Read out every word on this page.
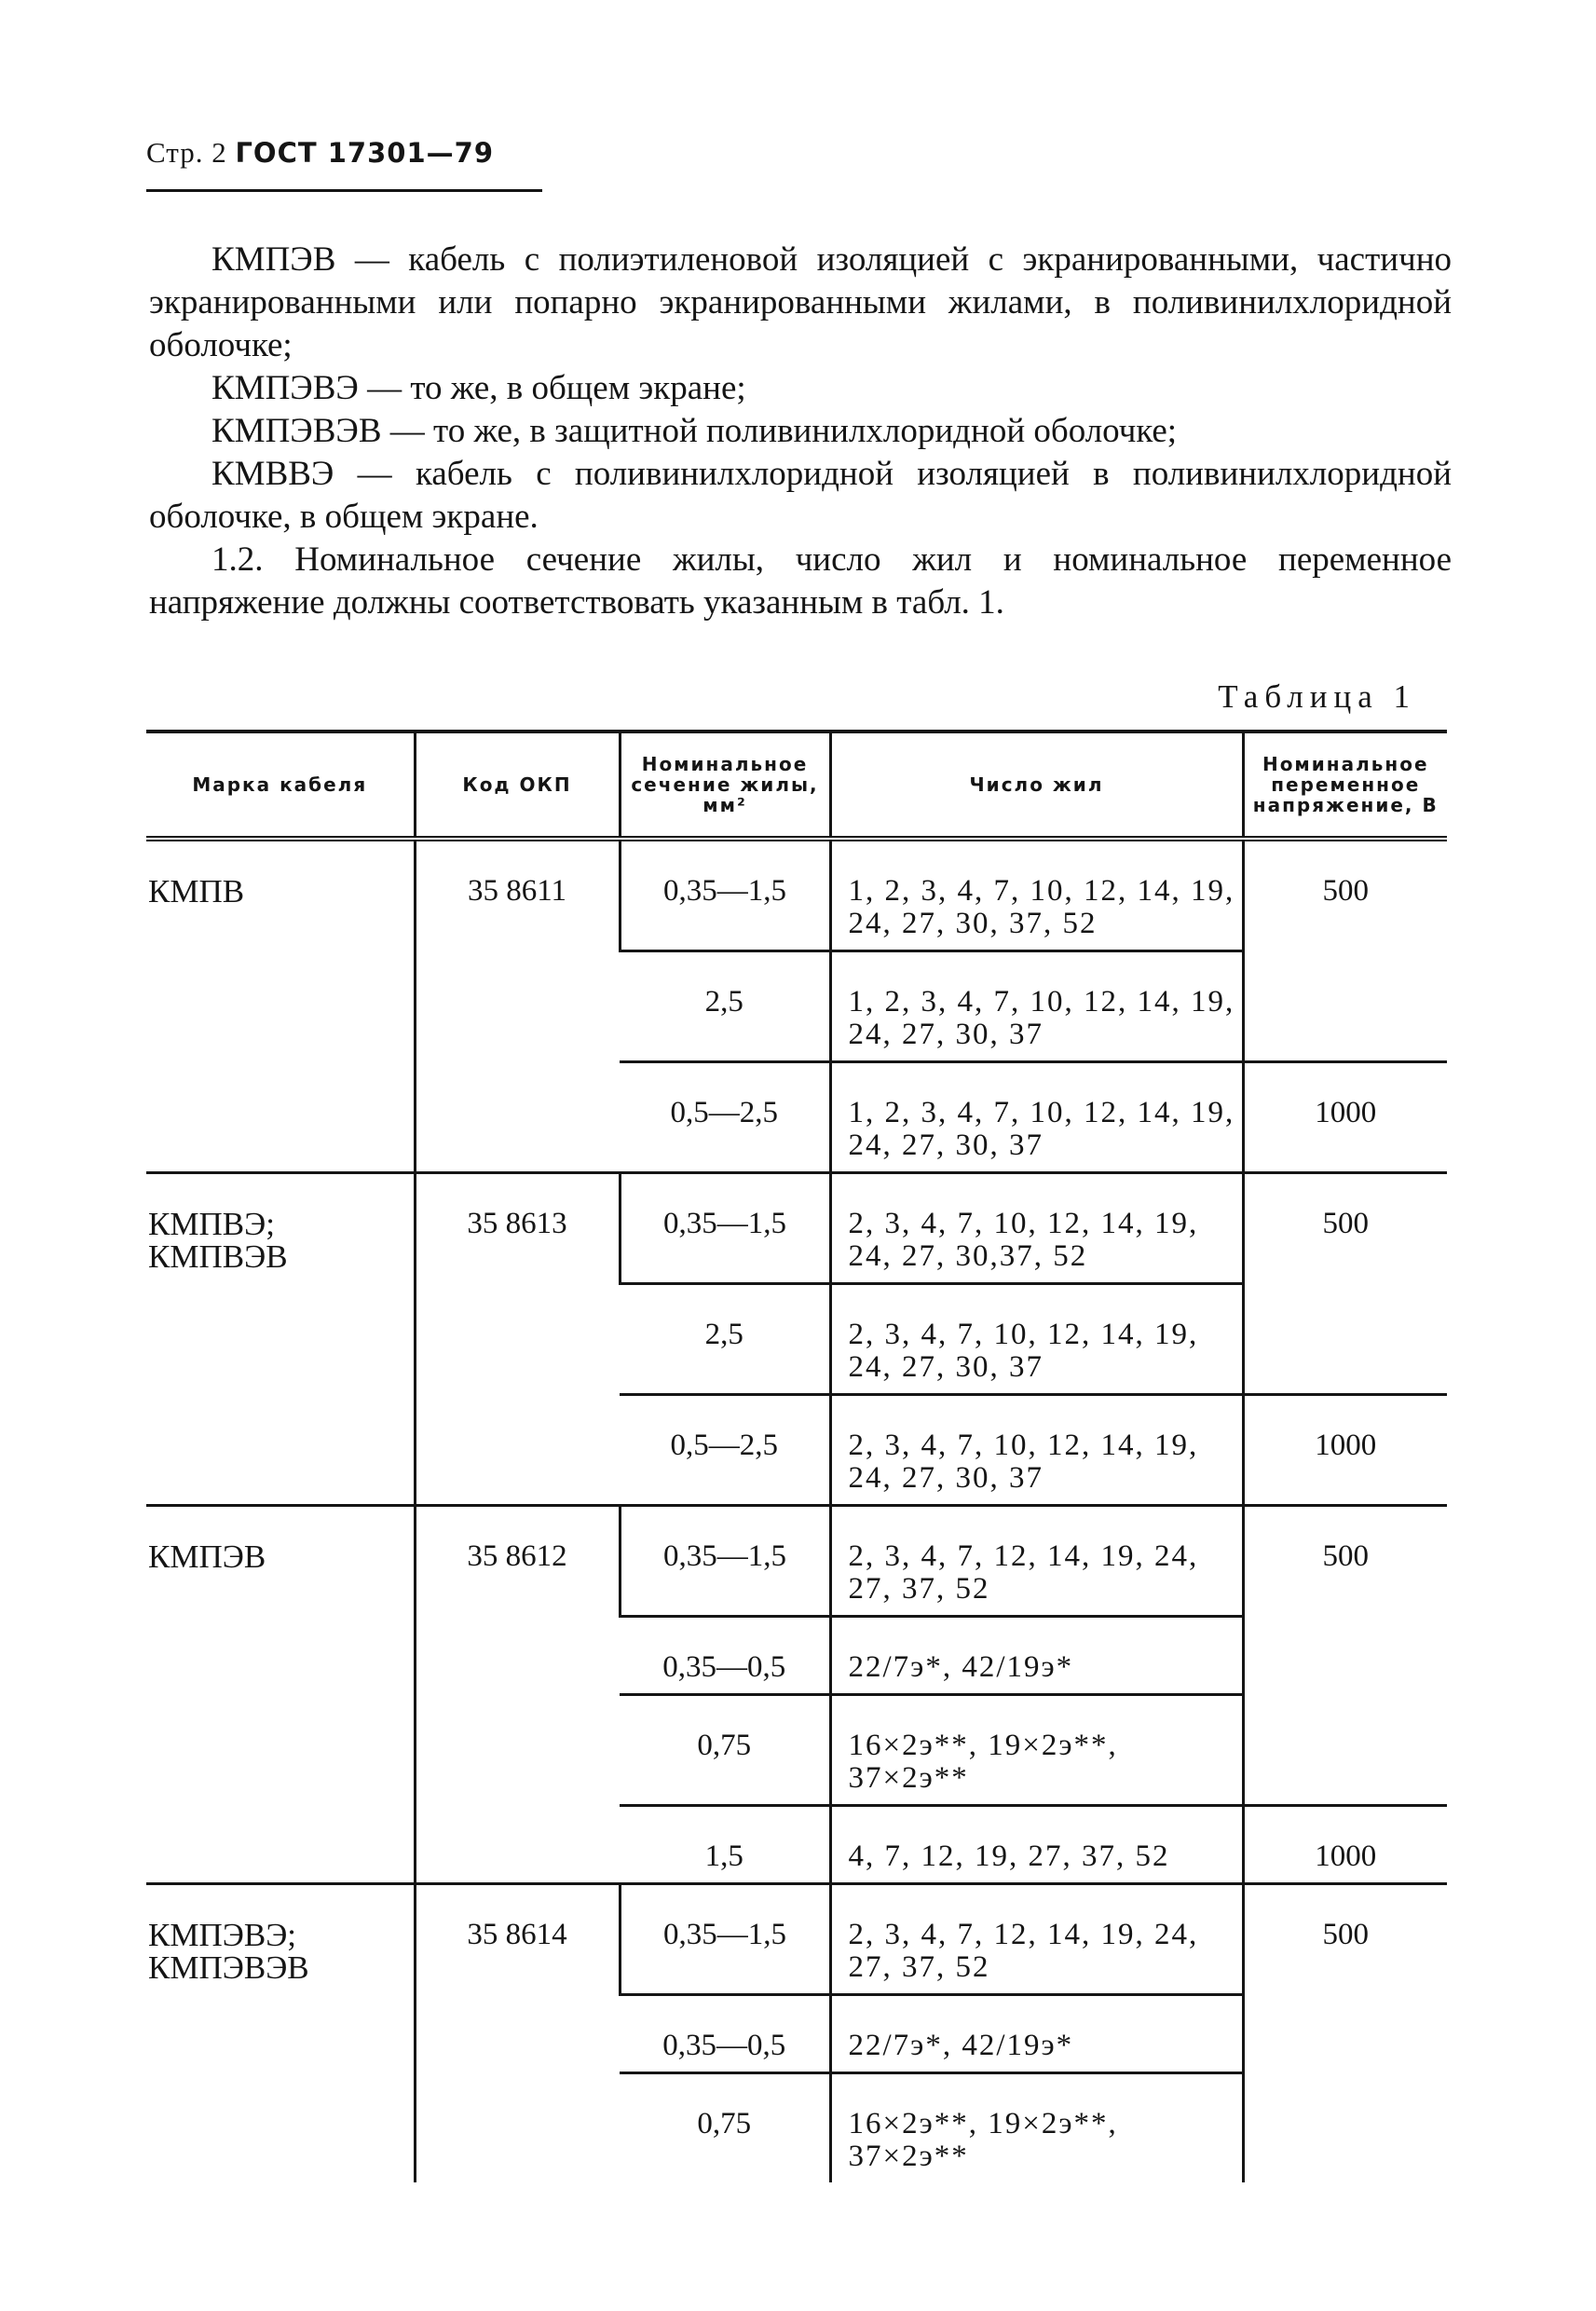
Стр. 2 ГОСТ 17301—79
КМПЭВ — кабель с полиэтиленовой изоляцией с экранированными, частично экранированными или попарно экранированными жилами, в поливинилхлоридной оболочке;
КМПЭВЭ — то же, в общем экране;
КМПЭВЭВ — то же, в защитной поливинилхлоридной оболочке;
КМВВЭ — кабель с поливинилхлоридной изоляцией в поливинилхлоридной оболочке, в общем экране.
1.2. Номинальное сечение жилы, число жил и номинальное переменное напряжение должны соответствовать указанным в табл. 1.
Таблица 1
Марка кабеля	Код ОКП	Номинальное сечение жилы, мм²	Число жил	Номинальное переменное напряжение, В
КМПВ	35 8611	0,35—1,5	1, 2, 3, 4, 7, 10, 12, 14, 19, 24, 27, 30, 37, 52	500
		2,5	1, 2, 3, 4, 7, 10, 12, 14, 19, 24, 27, 30, 37	
		0,5—2,5	1, 2, 3, 4, 7, 10, 12, 14, 19, 24, 27, 30, 37	1000
КМПВЭ; КМПВЭВ	35 8613	0,35—1,5	2, 3, 4, 7, 10, 12, 14, 19, 24, 27, 30,37, 52	500
		2,5	2, 3, 4, 7, 10, 12, 14, 19, 24, 27, 30, 37	
		0,5—2,5	2, 3, 4, 7, 10, 12, 14, 19, 24, 27, 30, 37	1000
КМПЭВ	35 8612	0,35—1,5	2, 3, 4, 7, 12, 14, 19, 24, 27, 37, 52	500
		0,35—0,5	22/7э*, 42/19э*	
		0,75	16×2э**, 19×2э**, 37×2э**	
		1,5	4, 7, 12, 19, 27, 37, 52	1000
КМПЭВЭ; КМПЭВЭВ	35 8614	0,35—1,5	2, 3, 4, 7, 12, 14, 19, 24, 27, 37, 52	500
		0,35—0,5	22/7э*, 42/19э*	
		0,75	16×2э**, 19×2э**, 37×2э**	
